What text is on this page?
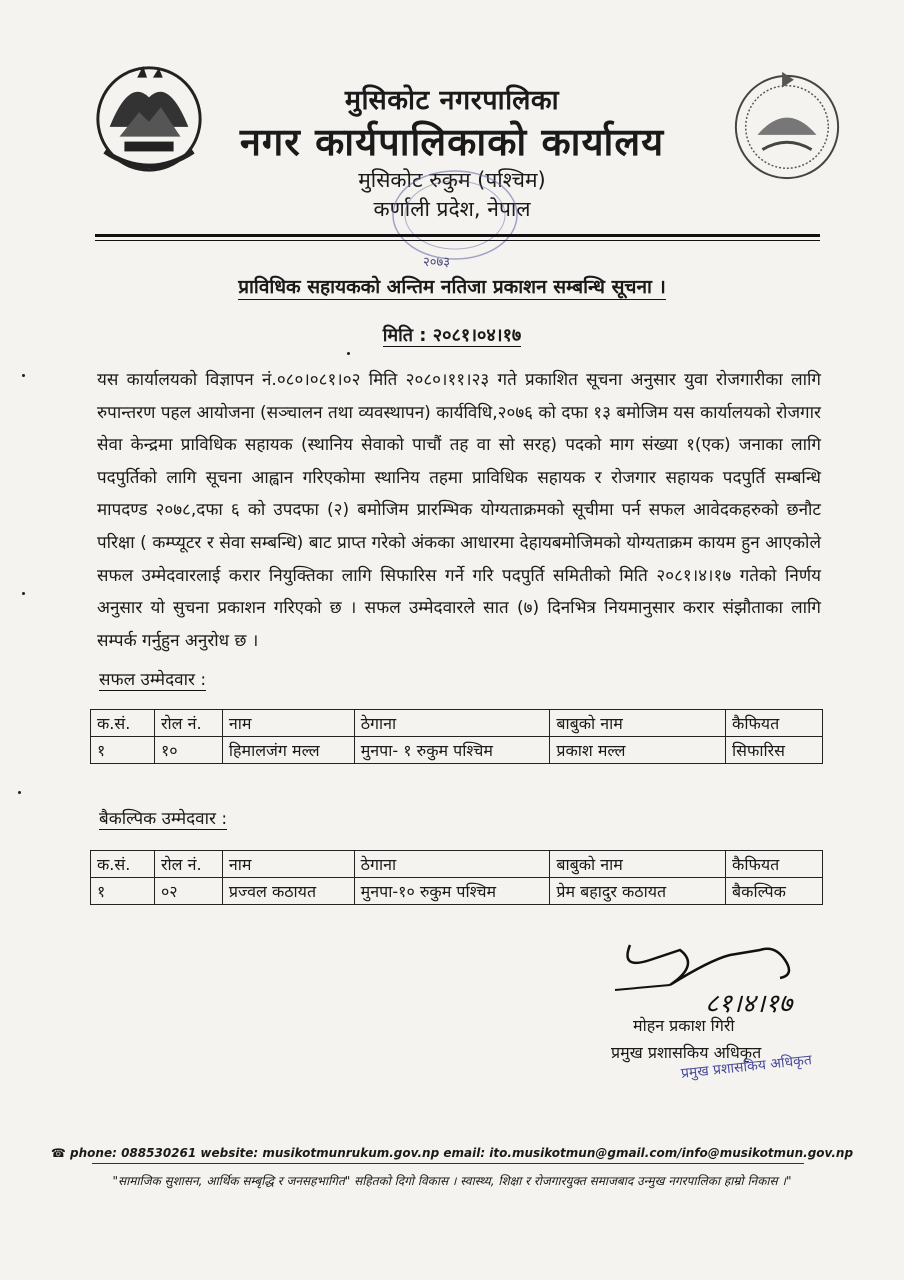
मुसिकोट नगरपालिका
नगर कार्यपालिकाको कार्यालय
मुसिकोट रुकुम (पश्चिम)
कर्णाली प्रदेश, नेपाल
२०७३
प्राविधिक सहायकको अन्तिम नतिजा प्रकाशन सम्बन्धि सूचना ।
मिति : २०८१।०४।१७
यस कार्यालयको विज्ञापन नं.०८०।०८१।०२ मिति २०८०।११।२३ गते प्रकाशित सूचना अनुसार युवा रोजगारीका लागि रुपान्तरण पहल आयोजना (सञ्चालन तथा व्यवस्थापन) कार्यविधि,२०७६ को दफा १३ बमोजिम यस कार्यालयको रोजगार सेवा केन्द्रमा प्राविधिक सहायक (स्थानिय सेवाको पाचौं तह वा सो सरह) पदको माग संख्या १(एक) जनाका लागि पदपुर्तिको लागि सूचना आह्वान गरिएकोमा स्थानिय तहमा प्राविधिक सहायक र रोजगार सहायक पदपुर्ति सम्बन्धि मापदण्ड २०७८,दफा ६ को उपदफा (२) बमोजिम प्रारम्भिक योग्यताक्रमको सूचीमा पर्न सफल आवेदकहरुको छनौट परिक्षा ( कम्प्यूटर र सेवा सम्बन्धि) बाट प्राप्त गरेको अंकका आधारमा देहायबमोजिमको योग्यताक्रम कायम हुन आएकोले सफल उम्मेदवारलाई करार नियुक्तिका लागि सिफारिस गर्ने गरि पदपुर्ति समितीको मिति २०८१।४।१७ गतेको निर्णय अनुसार यो सुचना प्रकाशन गरिएको छ । सफल उम्मेदवारले सात (७) दिनभित्र नियमानुसार करार संझौताका लागि सम्पर्क गर्नुहुन अनुरोध छ ।
सफल उम्मेदवार :
क.सं.	रोल नं.	नाम	ठेगाना	बाबुको नाम	कैफियत
१	१०	हिमालजंग मल्ल	मुनपा- १ रुकुम पश्चिम	प्रकाश मल्ल	सिफारिस
बैकल्पिक उम्मेदवार :
क.सं.	रोल नं.	नाम	ठेगाना	बाबुको नाम	कैफियत
१	०२	प्रज्वल कठायत	मुनपा-१० रुकुम पश्चिम	प्रेम बहादुर कठायत	बैकल्पिक
८१।४।१७
मोहन प्रकाश गिरी
प्रमुख प्रशासकिय अधिकृत
प्रमुख प्रशासकिय अधिकृत
☎ phone: 088530261 website: musikotmunrukum.gov.np email: ito.musikotmun@gmail.com/info@musikotmun.gov.np
"सामाजिक सुशासन, आर्थिक सम्बृद्धि र जनसहभागित" सहितको दिगो विकास । स्वास्थ्य, शिक्षा र रोजगारयुक्त समाजबाद उन्मुख नगरपालिका हाम्रो निकास ।"
